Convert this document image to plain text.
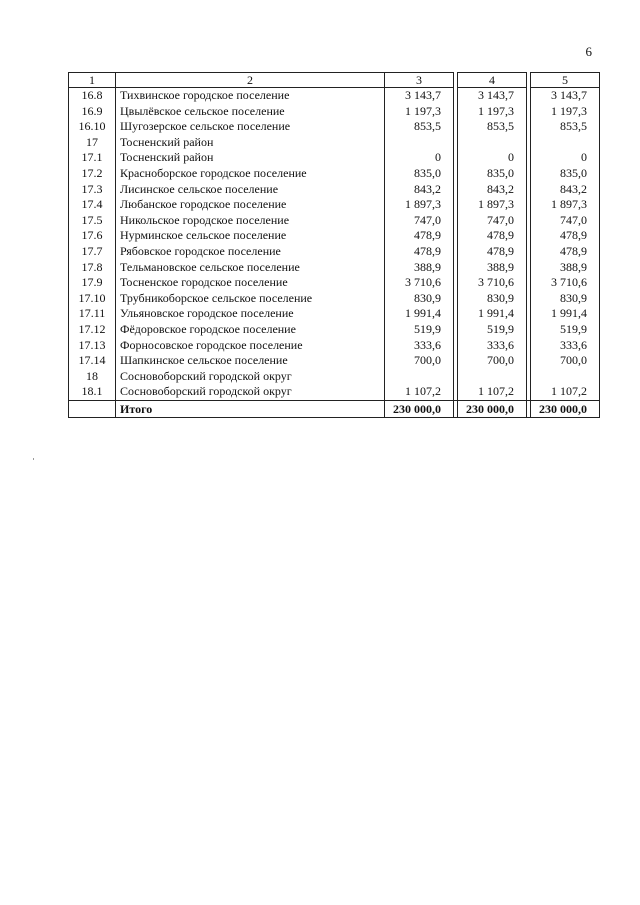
6
1	2	3		4		5
16.8	Тихвинское городское поселение	3 143,7		3 143,7		3 143,7
16.9	Цвылёвское сельское поселение	1 197,3		1 197,3		1 197,3
16.10	Шугозерское сельское поселение	853,5		853,5		853,5
17	Тосненский район					
17.1	Тосненский район	0		0		0
17.2	Красноборское городское поселение	835,0		835,0		835,0
17.3	Лисинское сельское поселение	843,2		843,2		843,2
17.4	Любанское городское поселение	1 897,3		1 897,3		1 897,3
17.5	Никольское городское поселение	747,0		747,0		747,0
17.6	Нурминское сельское поселение	478,9		478,9		478,9
17.7	Рябовское городское поселение	478,9		478,9		478,9
17.8	Тельмановское сельское поселение	388,9		388,9		388,9
17.9	Тосненское городское поселение	3 710,6		3 710,6		3 710,6
17.10	Трубникоборское сельское поселение	830,9		830,9		830,9
17.11	Ульяновское городское поселение	1 991,4		1 991,4		1 991,4
17.12	Фёдоровское городское поселение	519,9		519,9		519,9
17.13	Форносовское городское поселение	333,6		333,6		333,6
17.14	Шапкинское сельское поселение	700,0		700,0		700,0
18	Сосновоборский городской округ					
18.1	Сосновоборский городской округ	1 107,2		1 107,2		1 107,2
	Итого	230 000,0		230 000,0		230 000,0
